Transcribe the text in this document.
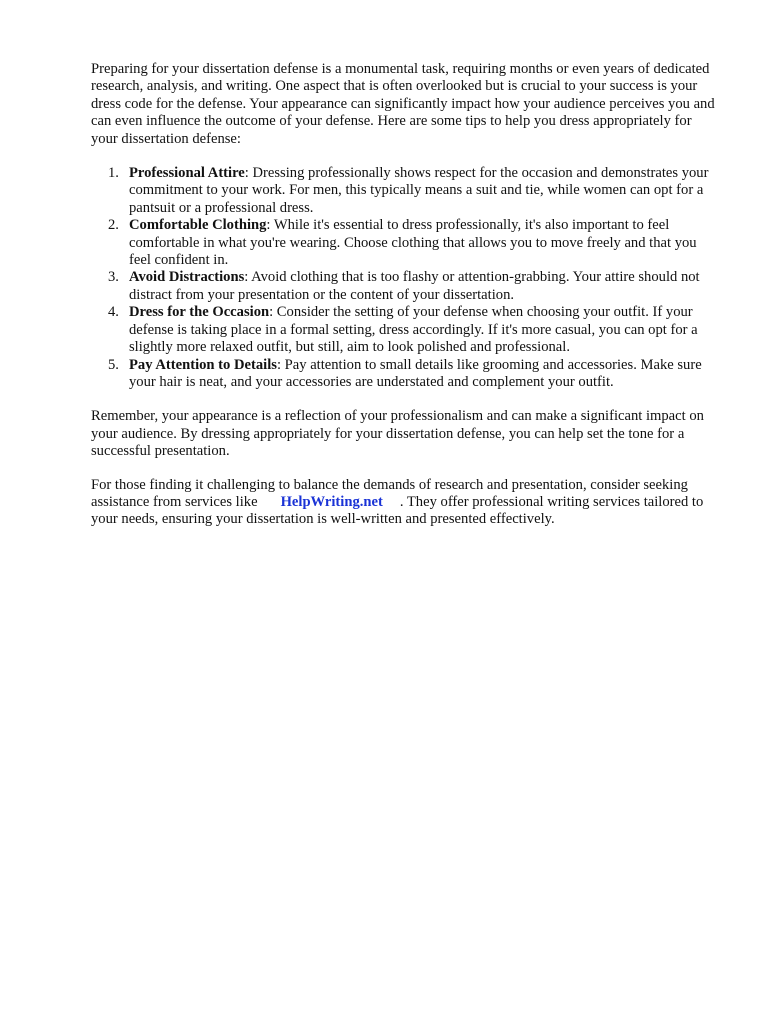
Preparing for your dissertation defense is a monumental task, requiring months or even years of dedicated research, analysis, and writing. One aspect that is often overlooked but is crucial to your success is your dress code for the defense. Your appearance can significantly impact how your audience perceives you and can even influence the outcome of your defense. Here are some tips to help you dress appropriately for your dissertation defense:

1. Professional Attire: Dressing professionally shows respect for the occasion and demonstrates your commitment to your work. For men, this typically means a suit and tie, while women can opt for a pantsuit or a professional dress.
2. Comfortable Clothing: While it's essential to dress professionally, it's also important to feel comfortable in what you're wearing. Choose clothing that allows you to move freely and that you feel confident in.
3. Avoid Distractions: Avoid clothing that is too flashy or attention-grabbing. Your attire should not distract from your presentation or the content of your dissertation.
4. Dress for the Occasion: Consider the setting of your defense when choosing your outfit. If your defense is taking place in a formal setting, dress accordingly. If it's more casual, you can opt for a slightly more relaxed outfit, but still, aim to look polished and professional.
5. Pay Attention to Details: Pay attention to small details like grooming and accessories. Make sure your hair is neat, and your accessories are understated and complement your outfit.

Remember, your appearance is a reflection of your professionalism and can make a significant impact on your audience. By dressing appropriately for your dissertation defense, you can help set the tone for a successful presentation.

For those finding it challenging to balance the demands of research and presentation, consider seeking assistance from services like HelpWriting.net . They offer professional writing services tailored to your needs, ensuring your dissertation is well-written and presented effectively.
